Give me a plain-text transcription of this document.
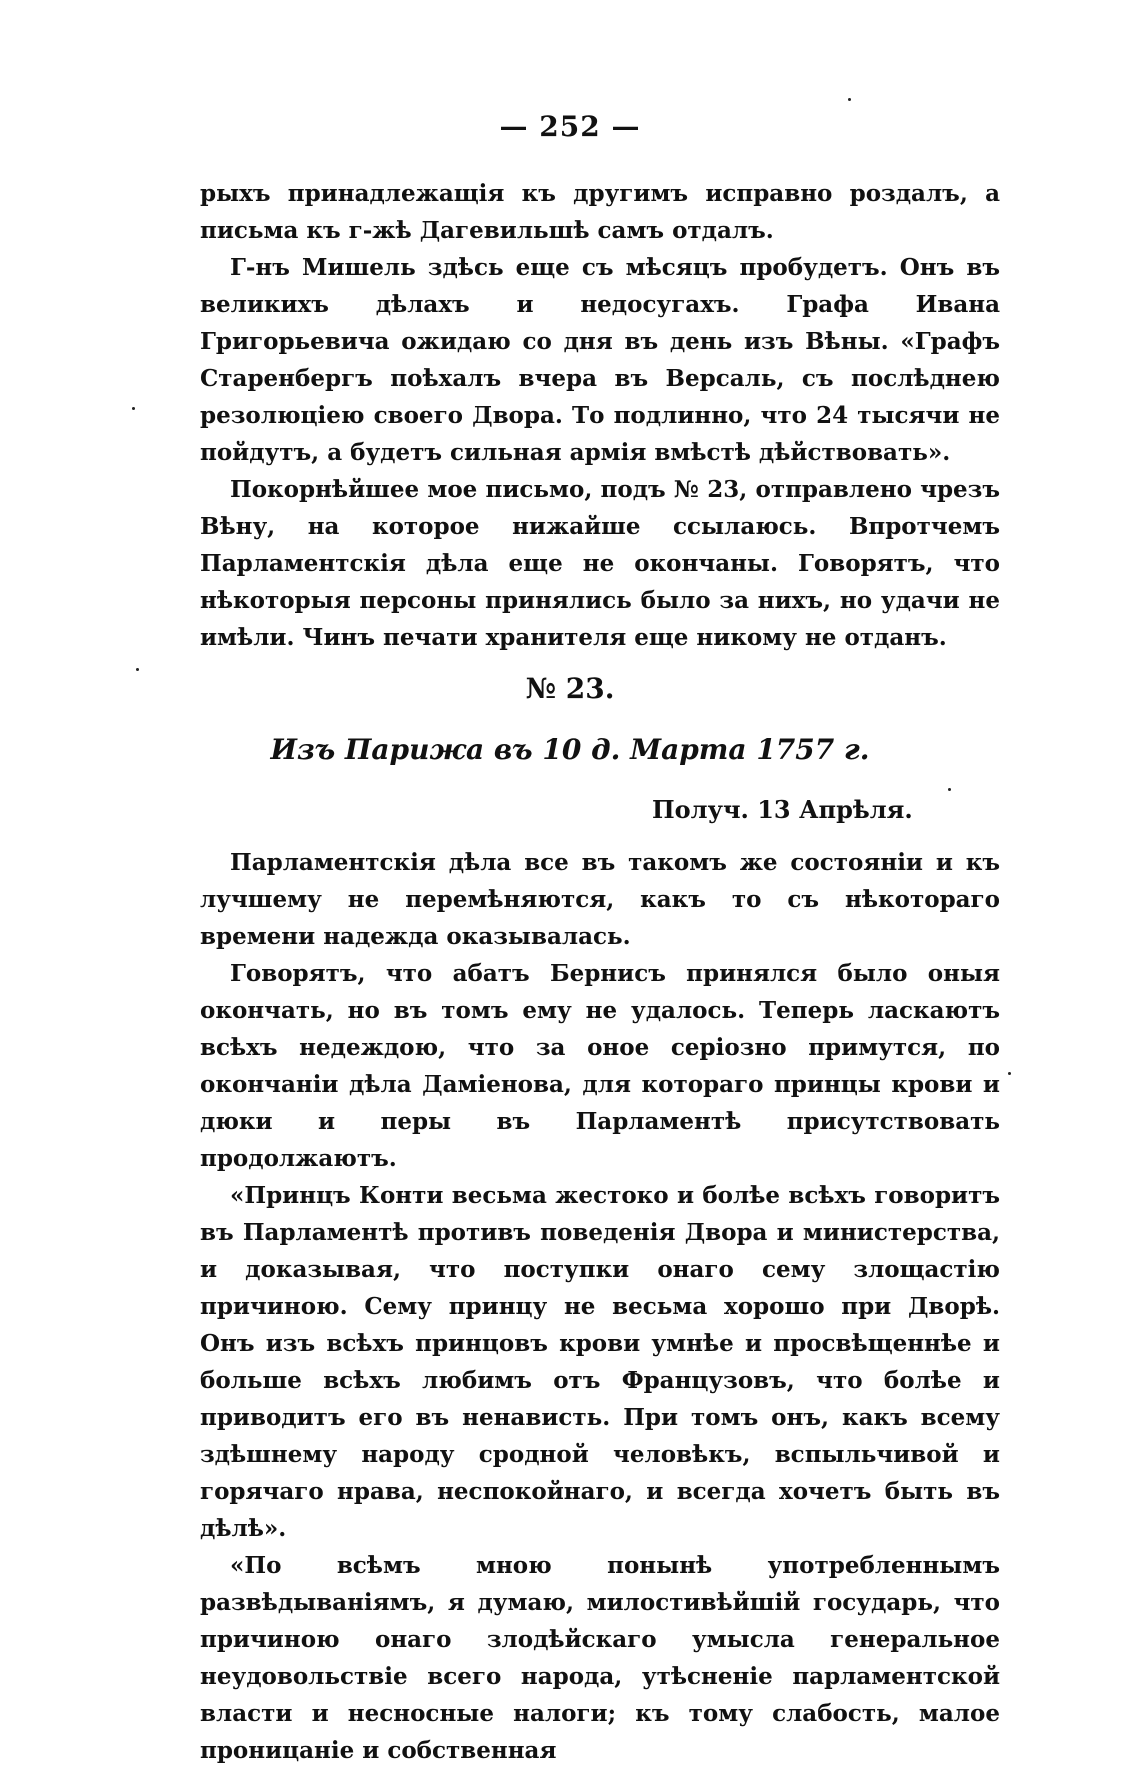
— 252 —

рыхъ принадлежащія къ другимъ исправно роздалъ, а письма къ г-жѣ Дагевильшѣ самъ отдалъ.

Г-нъ Мишель здѣсь еще съ мѣсяцъ пробудетъ. Онъ въ великихъ дѣлахъ и недосугахъ. Графа Ивана Григорьевича ожидаю со дня въ день изъ Вѣны. «Графъ Старенбергъ поѣхалъ вчера въ Версаль, съ послѣднею резолюціею своего Двора. То подлинно, что 24 тысячи не пойдутъ, а будетъ сильная армія вмѣстѣ дѣйствовать».

Покорнѣйшее мое письмо, подъ № 23, отправлено чрезъ Вѣну, на которое нижайше ссылаюсь. Впротчемъ Парламентскія дѣла еще не окончаны. Говорятъ, что нѣкоторыя персоны принялись было за нихъ, но удачи не имѣли. Чинъ печати хранителя еще никому не отданъ.

№ 23.
Изъ Парижа въ 10 д. Марта 1757 г.
Получ. 13 Апрѣля.

Парламентскія дѣла все въ такомъ же состояніи и къ лучшему не перемѣняются, какъ то съ нѣкотораго времени надежда оказывалась.

Говорятъ, что абатъ Бернисъ принялся было оныя окончать, но въ томъ ему не удалось. Теперь ласкаютъ всѣхъ недеждою, что за оное серіозно примутся, по окончаніи дѣла Даміенова, для котораго принцы крови и дюки и перы въ Парламентѣ присутствовать продолжаютъ.

«Принцъ Конти весьма жестоко и болѣе всѣхъ говоритъ въ Парламентѣ противъ поведенія Двора и министерства, и доказывая, что поступки онаго сему злощастію причиною. Сему принцу не весьма хорошо при Дворѣ. Онъ изъ всѣхъ принцовъ крови умнѣе и просвѣщеннѣе и больше всѣхъ любимъ отъ Французовъ, что болѣе и приводитъ его въ ненависть. При томъ онъ, какъ всему здѣшнему народу сродной человѣкъ, вспыльчивой и горячаго нрава, неспокойнаго, и всегда хочетъ быть въ дѣлѣ».

«По всѣмъ мною понынѣ употребленнымъ развѣдываніямъ, я думаю, милостивѣйшій государь, что причиною онаго злодѣйскаго умысла генеральное неудовольствіе всего народа, утѣсненіе парламентской власти и несносные налоги; къ тому слабость, малое проницаніе и собственная
